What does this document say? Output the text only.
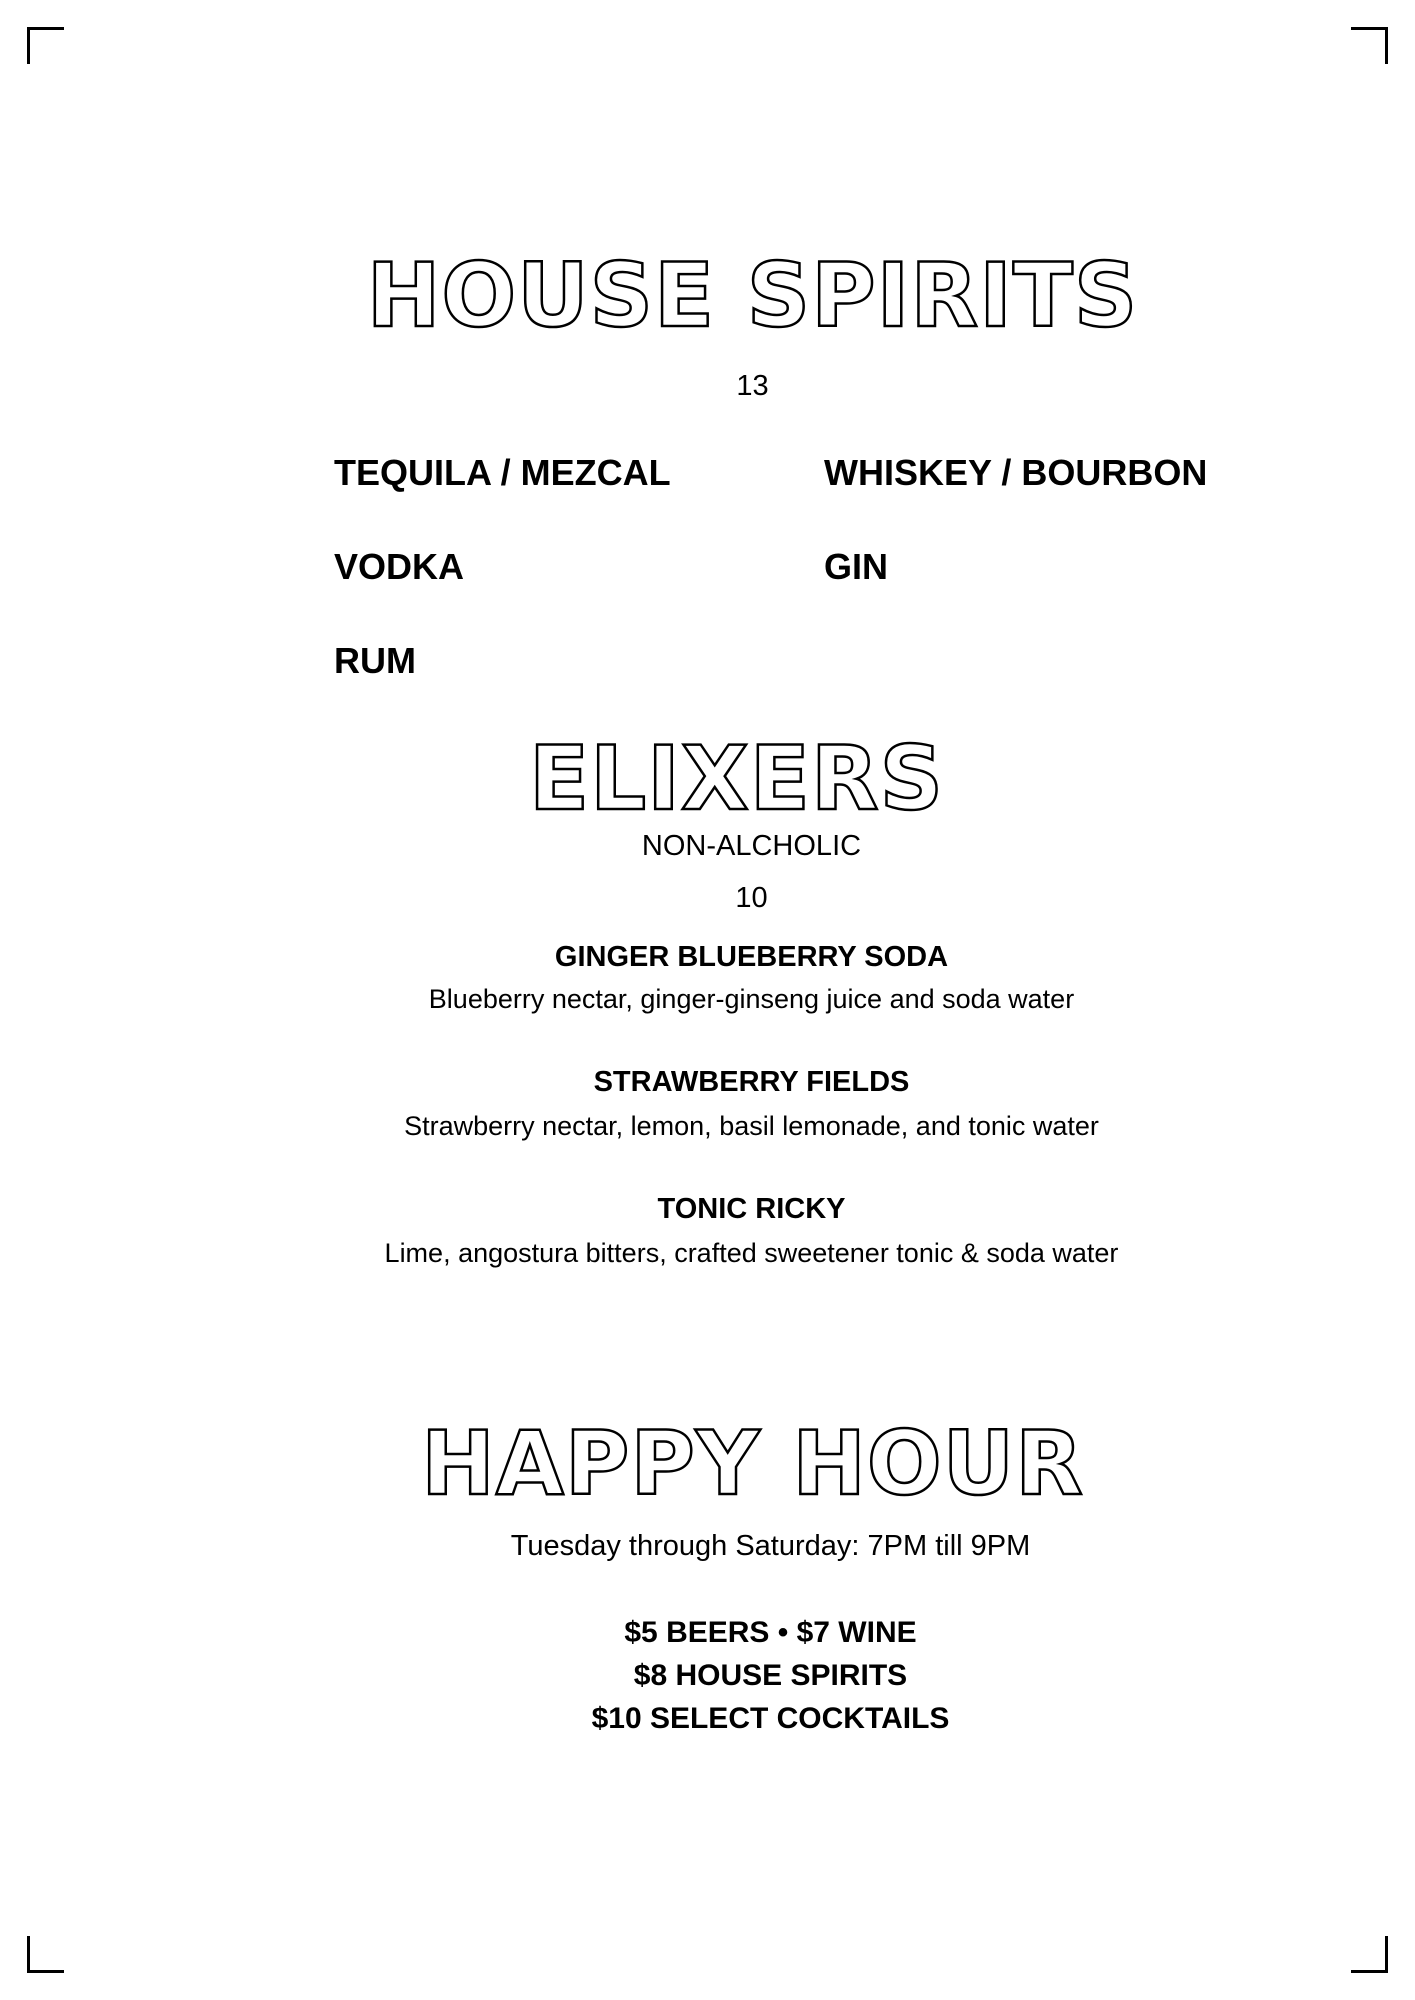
HOUSE SPIRITS

13

TEQUILA / MEZCAL	WHISKEY / BOURBON

VODKA	GIN

RUM

ELIXERS

NON-ALCHOLIC

10

GINGER BLUEBERRY SODA

Blueberry nectar, ginger-ginseng juice and soda water

STRAWBERRY FIELDS

Strawberry nectar, lemon, basil lemonade, and tonic water

TONIC RICKY

Lime, angostura bitters, crafted sweetener tonic & soda water

HAPPY HOUR

Tuesday through Saturday: 7PM till 9PM

$5 BEERS • $7 WINE

$8 HOUSE SPIRITS

$10 SELECT COCKTAILS
